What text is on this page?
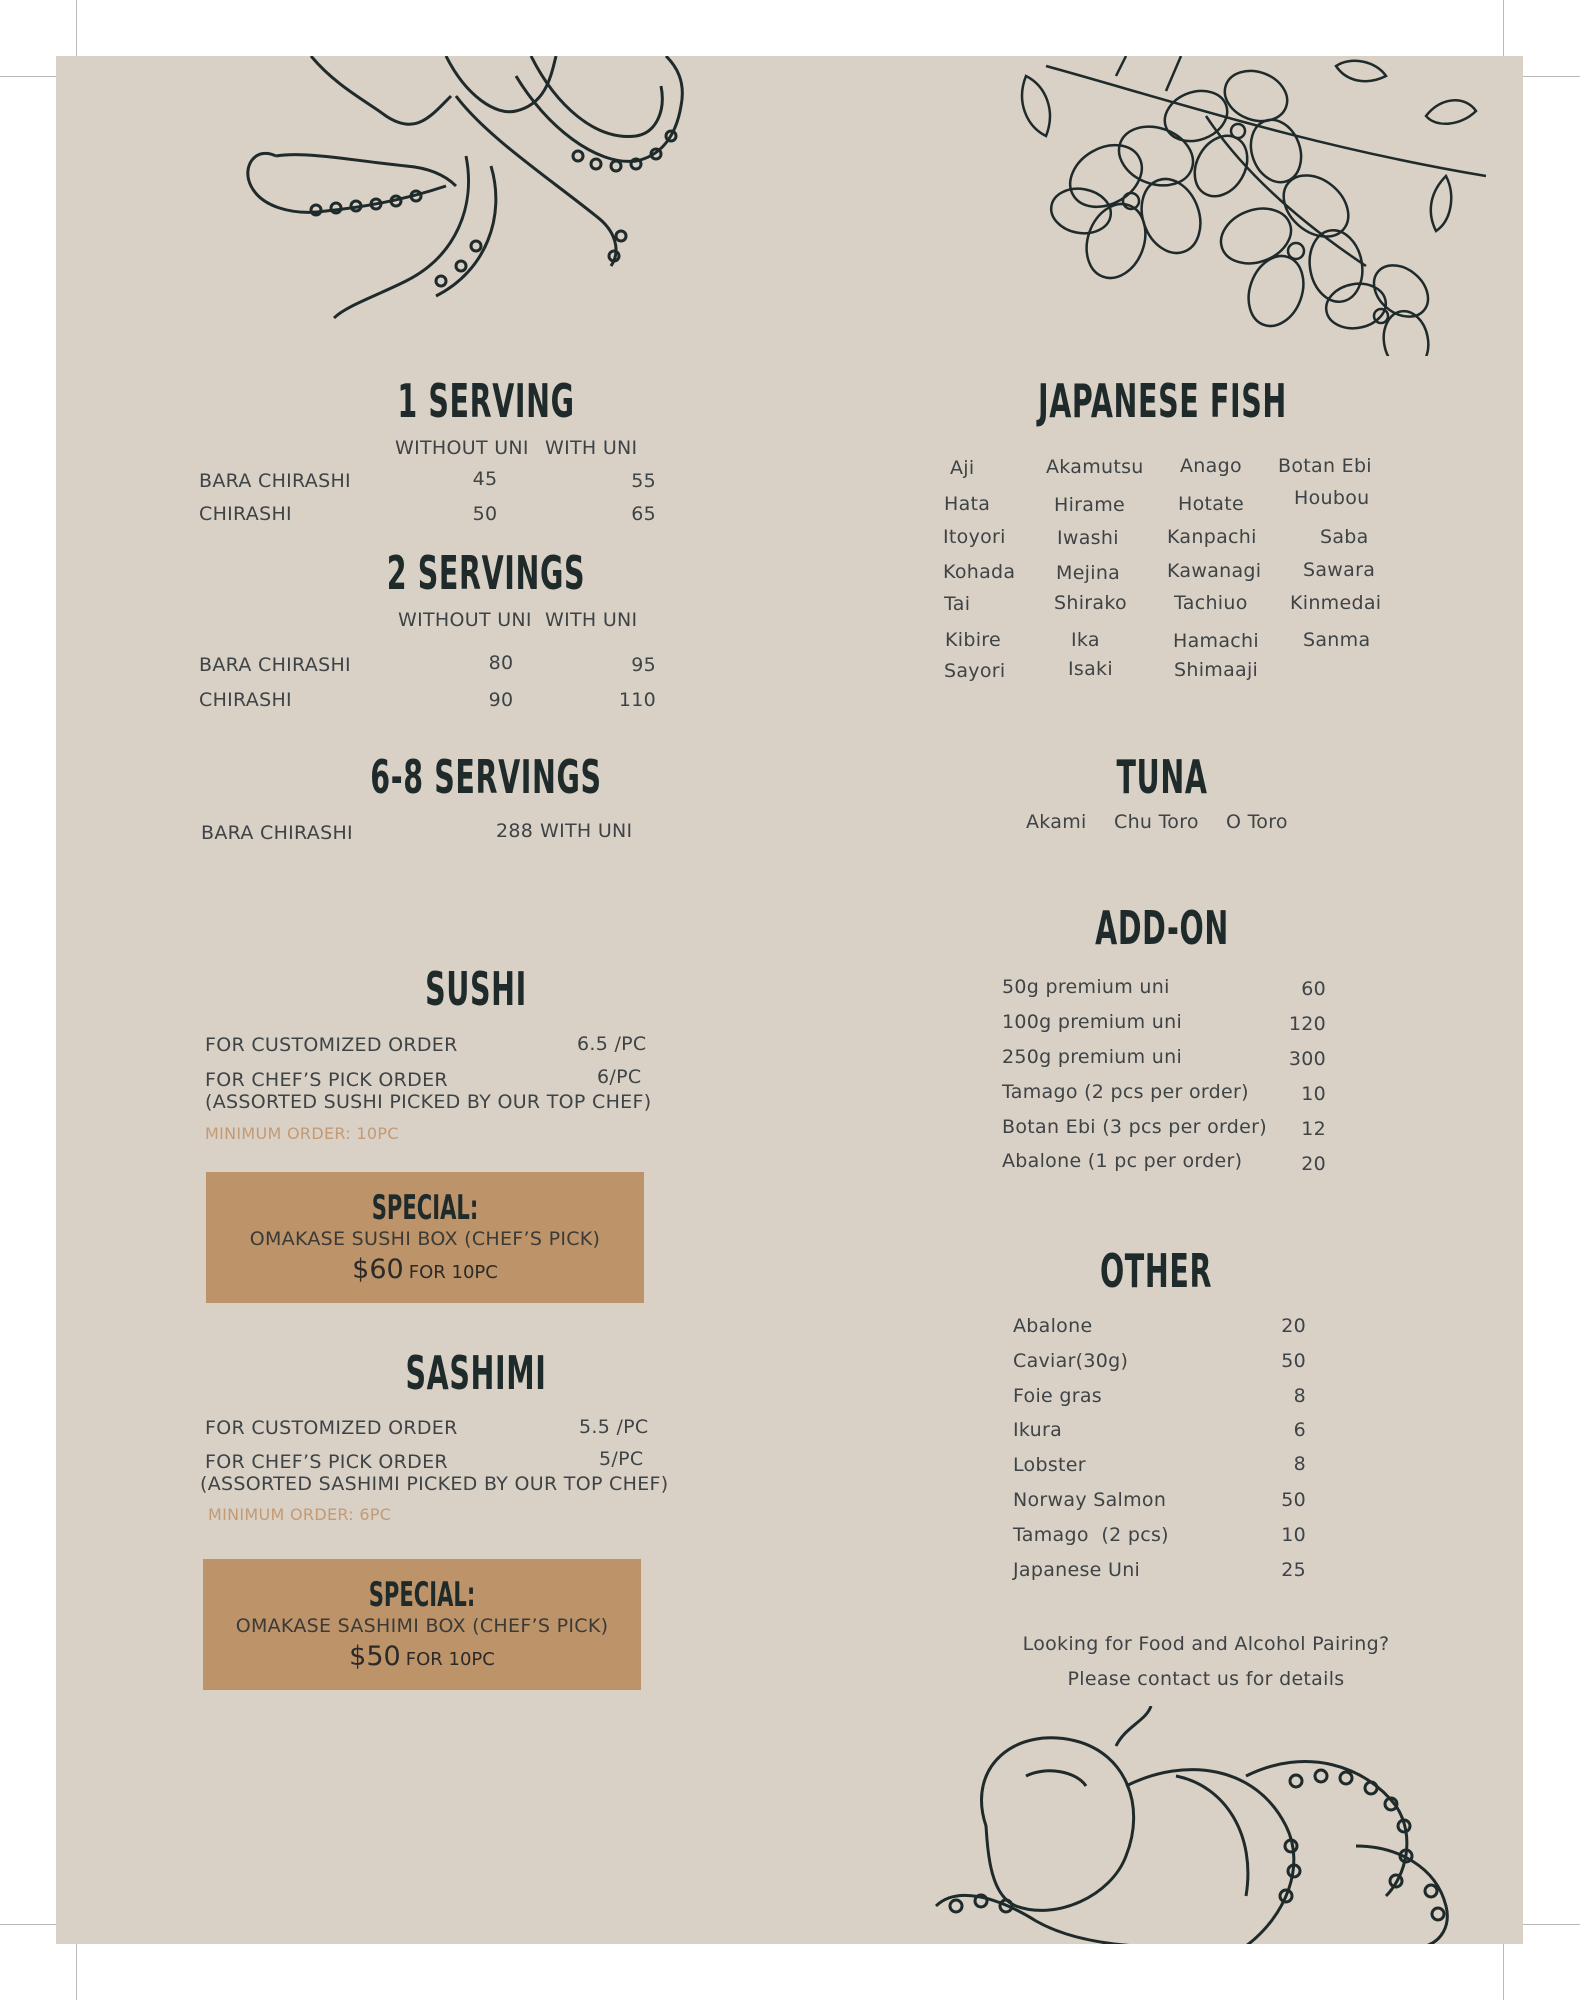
1 SERVING
WITHOUT UNI WITH UNI
BARA CHIRASHI	45	55
CHIRASHI	50	65
2 SERVINGS
WITHOUT UNI WITH UNI
BARA CHIRASHI	80	95
CHIRASHI	90	110
6-8 SERVINGS
BARA CHIRASHI	288 WITH UNI
SUSHI
FOR CUSTOMIZED ORDER	6.5 /PC
FOR CHEF’S PICK ORDER	6/PC
(ASSORTED SUSHI PICKED BY OUR TOP CHEF)
MINIMUM ORDER: 10PC
SPECIAL:
OMAKASE SUSHI BOX (CHEF’S PICK)
$60 FOR 10PC
SASHIMI
FOR CUSTOMIZED ORDER	5.5 /PC
FOR CHEF’S PICK ORDER	5/PC
(ASSORTED SASHIMI PICKED BY OUR TOP CHEF)
MINIMUM ORDER: 6PC
SPECIAL:
OMAKASE SASHIMI BOX (CHEF’S PICK)
$50 FOR 10PC
JAPANESE FISH
Aji	Akamutsu Anago Botan Ebi
Hata	Hirame	Hotate	Houbou
Itoyori	Iwashi	Kanpachi	Saba
Kohada Mejina Kawanagi Sawara
Tai	Shirako Tachiuo Kinmedai
Kibire	Ika	Hamachi Sanma
Sayori	Isaki	Shimaaji
TUNA
Akami Chu Toro O Toro
ADD-ON
50g premium uni	60
100g premium uni	120
250g premium uni	300
Tamago (2 pcs per order)	10
Botan Ebi (3 pcs per order)	12
Abalone (1 pc per order)	20
OTHER
Abalone	20
Caviar(30g)	50
Foie gras	8
Ikura	6
Lobster	8
Norway Salmon	50
Tamago  (2 pcs)	10
Japanese Uni	25
Looking for Food and Alcohol Pairing?
Please contact us for details
